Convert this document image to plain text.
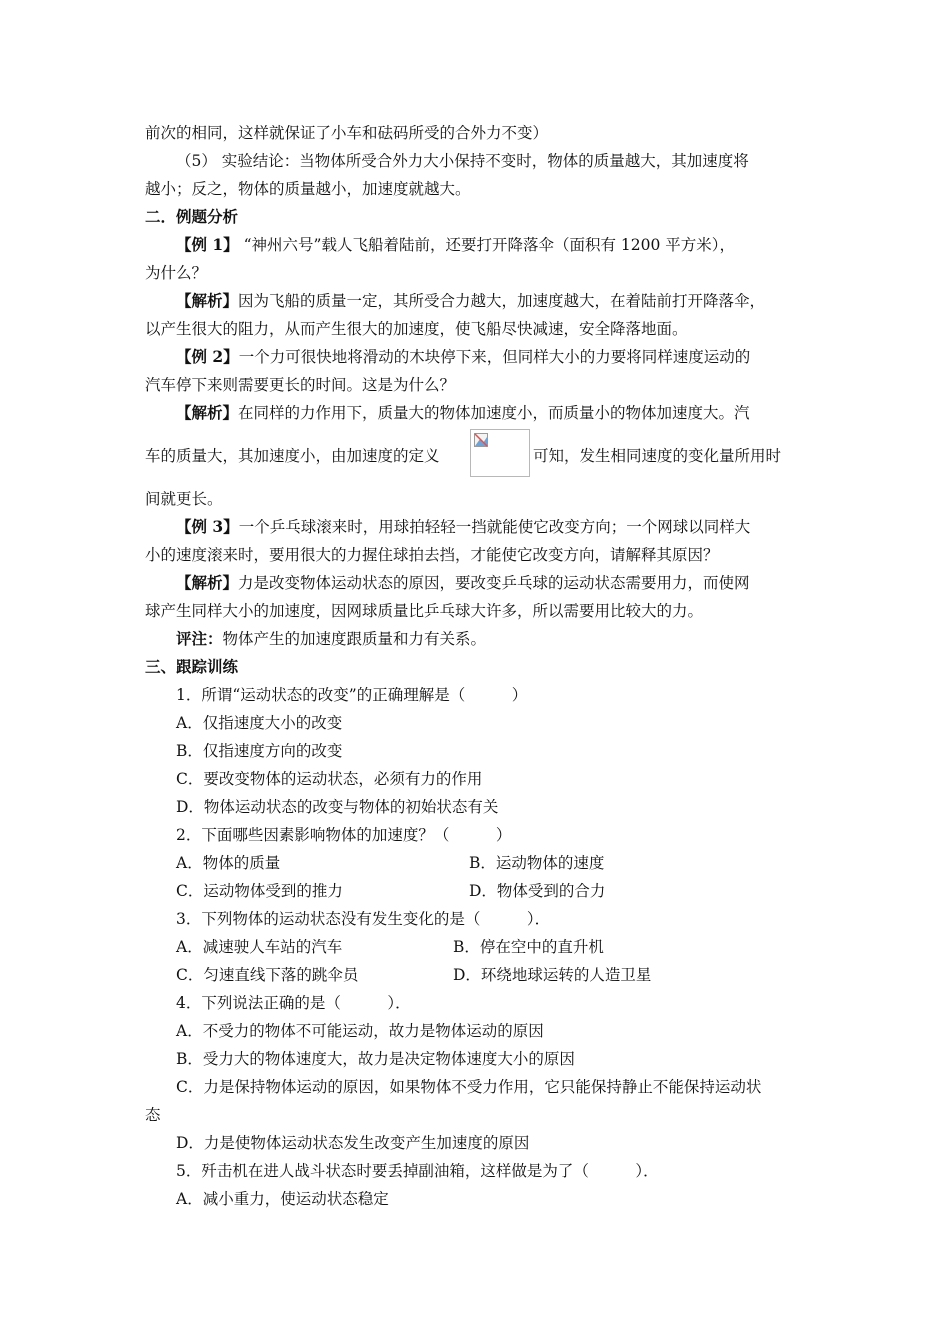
前次的相同，这样就保证了小车和砝码所受的合外力不变）
（5） 实验结论：当物体所受合外力大小保持不变时，物体的质量越大，其加速度将
越小；反之，物体的质量越小，加速度就越大。
二．例题分析
【例 1】 “神州六号”载人飞船着陆前，还要打开降落伞（面积有 1200 平方米），
为什么？
【解析】因为飞船的质量一定，其所受合力越大，加速度越大，在着陆前打开降落伞，
以产生很大的阻力，从而产生很大的加速度，使飞船尽快减速，安全降落地面。
【例 2】一个力可很快地将滑动的木块停下来，但同样大小的力要将同样速度运动的
汽车停下来则需要更长的时间。这是为什么？
【解析】在同样的力作用下，质量大的物体加速度小，而质量小的物体加速度大。汽
车的质量大，其加速度小，由加速度的定义	可知，发生相同速度的变化量所用时
间就更长。
【例 3】一个乒乓球滚来时，用球拍轻轻一挡就能使它改变方向；一个网球以同样大
小的速度滚来时，要用很大的力握住球拍去挡，才能使它改变方向，请解释其原因？
【解析】力是改变物体运动状态的原因，要改变乒乓球的运动状态需要用力，而使网
球产生同样大小的加速度，因网球质量比乒乓球大许多，所以需要用比较大的力。
评注：物体产生的加速度跟质量和力有关系。
三、跟踪训练
1．所谓“运动状态的改变”的正确理解是（　　　）
A．仅指速度大小的改变
B．仅指速度方向的改变
C．要改变物体的运动状态，必须有力的作用
D．物体运动状态的改变与物体的初始状态有关
2．下面哪些因素影响物体的加速度？（　　　）
A．物体的质量	B．运动物体的速度
C．运动物体受到的推力	D．物体受到的合力
3．下列物体的运动状态没有发生变化的是（　　　）．
A．减速驶人车站的汽车	B．停在空中的直升机
C．匀速直线下落的跳伞员	D．环绕地球运转的人造卫星
4．下列说法正确的是（　　　）．
A．不受力的物体不可能运动，故力是物体运动的原因
B．受力大的物体速度大，故力是决定物体速度大小的原因
C．力是保持物体运动的原因，如果物体不受力作用，它只能保持静止不能保持运动状
态
D．力是使物体运动状态发生改变产生加速度的原因
5．歼击机在进人战斗状态时要丢掉副油箱，这样做是为了（　　　）．
A．减小重力，使运动状态稳定
